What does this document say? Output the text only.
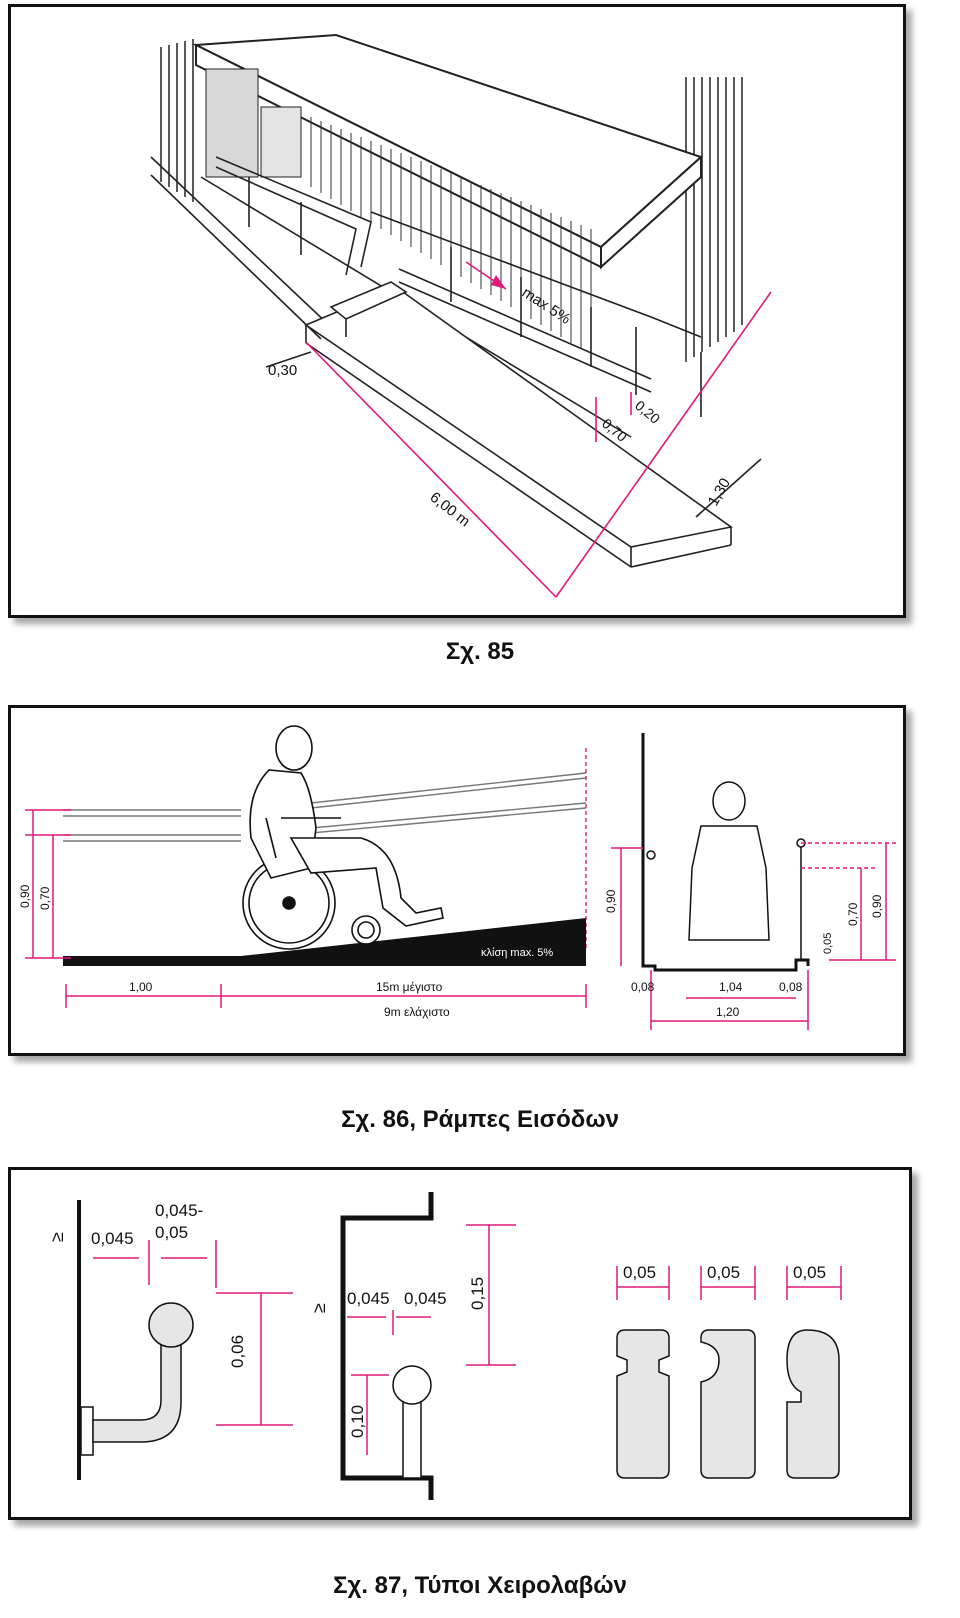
max 5%
0,30
0,70
0,20
1,30
6,00 m
Σχ. 85
κλίση max. 5%
0,90 0,70
1,00	15m μέγιστο
9m ελάχιστο
0,90
0,08	1,04	0,08
1,20
0,05
0,70 0,90
Σχ. 86, Ράμπες Εισόδων
≥ 0,045
0,045-
0,05
0,06
≥
0,045 0,045 0,15
0,10
0,05	0,05	0,05
Σχ. 87, Τύποι Χειρολαβών
